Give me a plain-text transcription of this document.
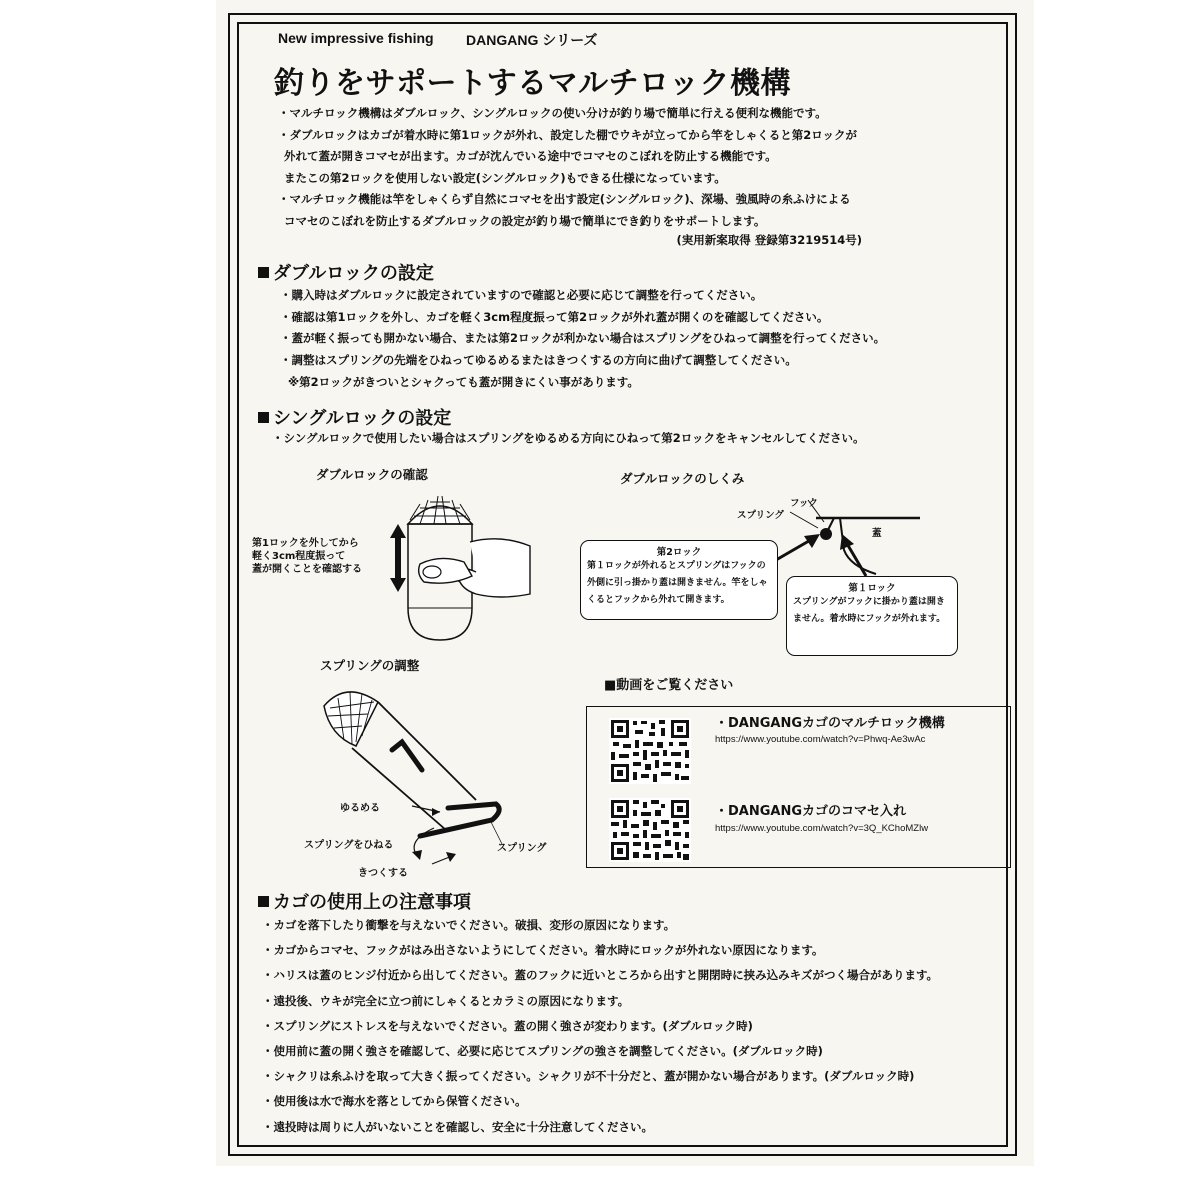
New impressive fishing DANGANG シリーズ
釣りをサポートするマルチロック機構
・マルチロック機構はダブルロック、シングルロックの使い分けが釣り場で簡単に行える便利な機能です。
・ダブルロックはカゴが着水時に第1ロックが外れ、設定した棚でウキが立ってから竿をしゃくると第2ロックが
外れて蓋が開きコマセが出ます。カゴが沈んでいる途中でコマセのこぼれを防止する機能です。
またこの第2ロックを使用しない設定(シングルロック)もできる仕様になっています。
・マルチロック機能は竿をしゃくらず自然にコマセを出す設定(シングルロック)、深場、強風時の糸ふけによる
コマセのこぼれを防止するダブルロックの設定が釣り場で簡単にでき釣りをサポートします。
(実用新案取得 登録第3219514号)
ダブルロックの設定
・購入時はダブルロックに設定されていますので確認と必要に応じて調整を行ってください。
・確認は第1ロックを外し、カゴを軽く3cm程度振って第2ロックが外れ蓋が開くのを確認してください。
・蓋が軽く振っても開かない場合、または第2ロックが利かない場合はスプリングをひねって調整を行ってください。
・調整はスプリングの先端をひねってゆるめるまたはきつくするの方向に曲げて調整してください。
※第2ロックがきついとシャクっても蓋が開きにくい事があります。
シングルロックの設定
・シングルロックで使用したい場合はスプリングをゆるめる方向にひねって第2ロックをキャンセルしてください。
ダブルロックの確認
第1ロックを外してから
軽く3cm程度振って
蓋が開くことを確認する
ダブルロックのしくみ
フック
スプリング
蓋
第2ロック
第１ロックが外れるとスプリングはフックの外側に引っ掛かり蓋は開きません。竿をしゃくるとフックから外れて開きます。
第１ロック
スプリングがフックに掛かり蓋は開きません。着水時にフックが外れます。
スプリングの調整
ゆるめる
スプリングをひねる	スプリング
きつくする
■動画をご覧ください
・DANGANGカゴのマルチロック機構
https://www.youtube.com/watch?v=Phwq-Ae3wAc
・DANGANGカゴのコマセ入れ
https://www.youtube.com/watch?v=3Q_KChoMZlw
カゴの使用上の注意事項
・カゴを落下したり衝撃を与えないでください。破損、変形の原因になります。
・カゴからコマセ、フックがはみ出さないようにしてください。着水時にロックが外れない原因になります。
・ハリスは蓋のヒンジ付近から出してください。蓋のフックに近いところから出すと開閉時に挟み込みキズがつく場合があります。
・遠投後、ウキが完全に立つ前にしゃくるとカラミの原因になります。
・スプリングにストレスを与えないでください。蓋の開く強さが変わります。(ダブルロック時)
・使用前に蓋の開く強さを確認して、必要に応じてスプリングの強さを調整してください。(ダブルロック時)
・シャクリは糸ふけを取って大きく振ってください。シャクリが不十分だと、蓋が開かない場合があります。(ダブルロック時)
・使用後は水で海水を落としてから保管ください。
・遠投時は周りに人がいないことを確認し、安全に十分注意してください。
